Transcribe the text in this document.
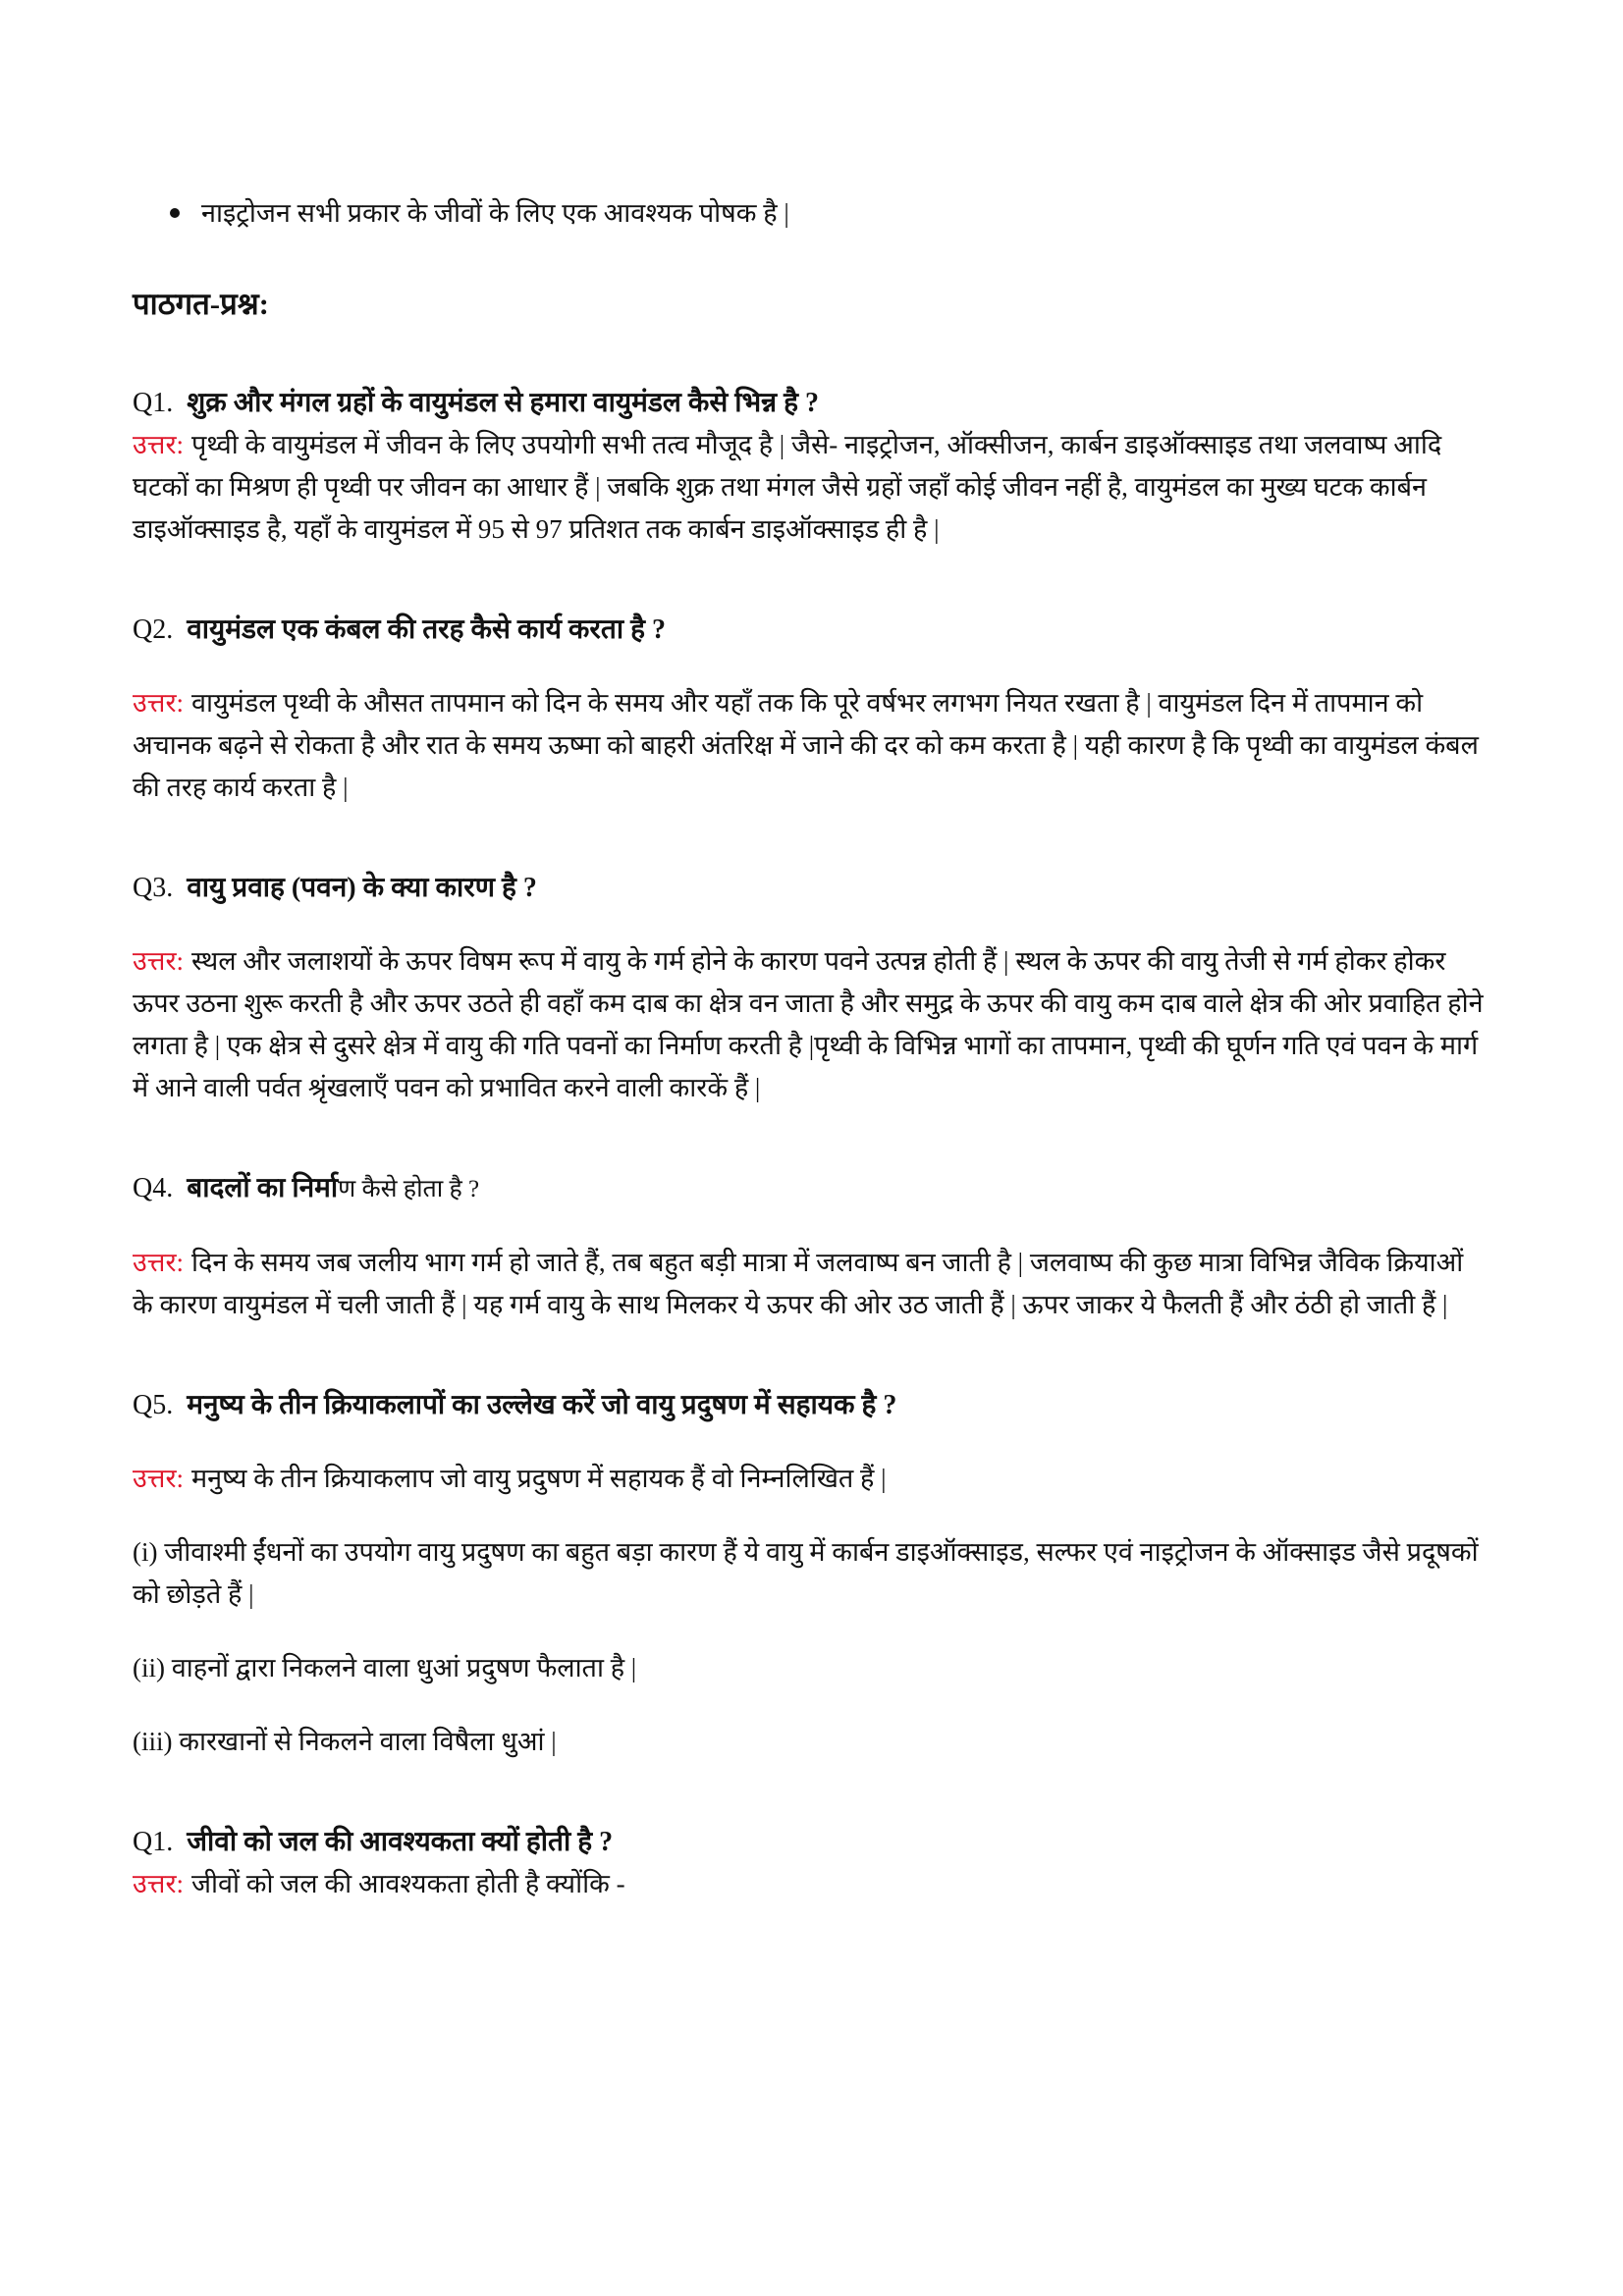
नाइट्रोजन सभी प्रकार के जीवों के लिए एक आवश्यक पोषक है |

पाठगत-प्रश्न:

Q1. शुक्र और मंगल ग्रहों के वायुमंडल से हमारा वायुमंडल कैसे भिन्न है ?

उत्तर: पृथ्वी के वायुमंडल में जीवन के लिए उपयोगी सभी तत्व मौजूद है | जैसे- नाइट्रोजन, ऑक्सीजन, कार्बन डाइऑक्साइड तथा जलवाष्प आदि घटकों का मिश्रण ही पृथ्वी पर जीवन का आधार हैं | जबकि शुक्र तथा मंगल जैसे ग्रहों जहाँ कोई जीवन नहीं है, वायुमंडल का मुख्य घटक कार्बन डाइऑक्साइड है, यहाँ के वायुमंडल में 95 से 97 प्रतिशत तक कार्बन डाइऑक्साइड ही है |

Q2. वायुमंडल एक कंबल की तरह कैसे कार्य करता है ?

उत्तर: वायुमंडल पृथ्वी के औसत तापमान को दिन के समय और यहाँ तक कि पूरे वर्षभर लगभग नियत रखता है | वायुमंडल दिन में तापमान को अचानक बढ़ने से रोकता है और रात के समय ऊष्मा को बाहरी अंतरिक्ष में जाने की दर को कम करता है | यही कारण है कि पृथ्वी का वायुमंडल कंबल की तरह कार्य करता है |

Q3. वायु प्रवाह (पवन) के क्या कारण है ?

उत्तर: स्थल और जलाशयों के ऊपर विषम रूप में वायु के गर्म होने के कारण पवने उत्पन्न होती हैं | स्थल के ऊपर की वायु तेजी से गर्म होकर होकर ऊपर उठना शुरू करती है और ऊपर उठते ही वहाँ कम दाब का क्षेत्र वन जाता है और समुद्र के ऊपर की वायु कम दाब वाले क्षेत्र की ओर प्रवाहित होने लगता है | एक क्षेत्र से दुसरे क्षेत्र में वायु की गति पवनों का निर्माण करती है |पृथ्वी के विभिन्न भागों का तापमान, पृथ्वी की घूर्णन गति एवं पवन के मार्ग में आने वाली पर्वत श्रृंखलाएँ पवन को प्रभावित करने वाली कारकें हैं |

Q4. बादलों का निर्माण कैसे होता है ?

उत्तर: दिन के समय जब जलीय भाग गर्म हो जाते हैं, तब बहुत बड़ी मात्रा में जलवाष्प बन जाती है | जलवाष्प की कुछ मात्रा विभिन्न जैविक क्रियाओं के कारण वायुमंडल में चली जाती हैं | यह गर्म वायु के साथ मिलकर ये ऊपर की ओर उठ जाती हैं | ऊपर जाकर ये फैलती हैं और ठंठी हो जाती हैं |

Q5. मनुष्य के तीन क्रियाकलापों का उल्लेख करें जो वायु प्रदुषण में सहायक है ?

उत्तर: मनुष्य के तीन क्रियाकलाप जो वायु प्रदुषण में सहायक हैं वो निम्नलिखित हैं |

(i) जीवाश्मी ईंधनों का उपयोग वायु प्रदुषण का बहुत बड़ा कारण हैं ये वायु में कार्बन डाइऑक्साइड, सल्फर एवं नाइट्रोजन के ऑक्साइड जैसे प्रदूषकों को छोड़ते हैं |

(ii) वाहनों द्वारा निकलने वाला धुआं प्रदुषण फैलाता है |

(iii) कारखानों से निकलने वाला विषैला धुआं |

Q1. जीवो को जल की आवश्यकता क्यों होती है ?

उत्तर: जीवों को जल की आवश्यकता होती है क्योंकि -
